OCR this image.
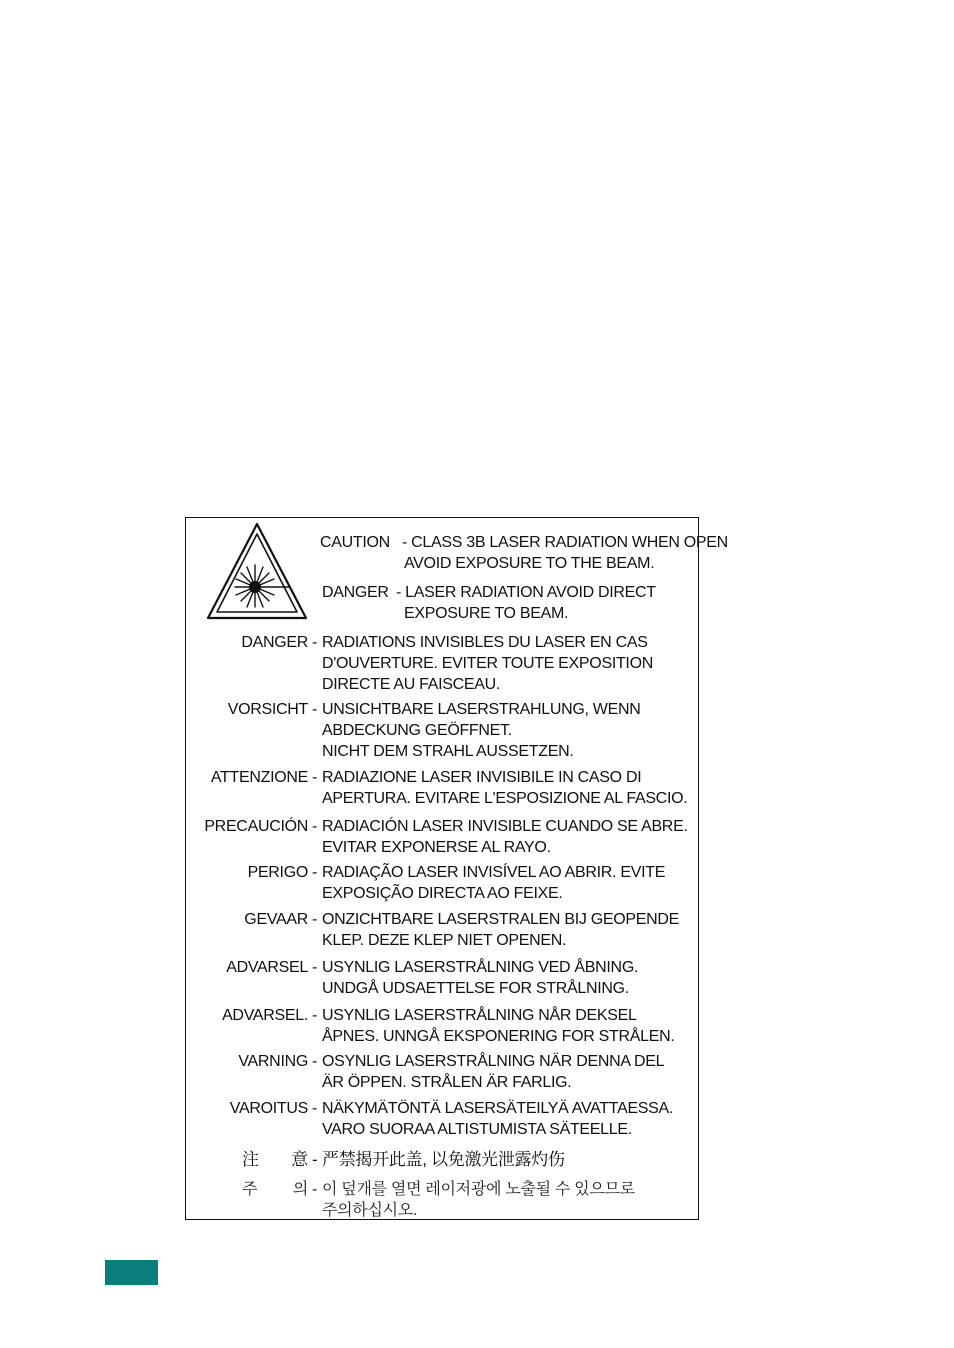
CAUTION - CLASS 3B LASER RADIATION WHEN OPEN
AVOID EXPOSURE TO THE BEAM.
DANGER - LASER RADIATION AVOID DIRECT
EXPOSURE TO BEAM.
DANGER - RADIATIONS INVISIBLES DU LASER EN CAS
D'OUVERTURE. EVITER TOUTE EXPOSITION
DIRECTE AU FAISCEAU.
VORSICHT - UNSICHTBARE LASERSTRAHLUNG, WENN
ABDECKUNG GEÖFFNET.
NICHT DEM STRAHL AUSSETZEN.
ATTENZIONE - RADIAZIONE LASER INVISIBILE IN CASO DI
APERTURA. EVITARE L'ESPOSIZIONE AL FASCIO.
PRECAUCIÓN - RADIACIÓN LASER INVISIBLE CUANDO SE ABRE.
EVITAR EXPONERSE AL RAYO.
PERIGO - RADIAÇÃO LASER INVISÍVEL AO ABRIR. EVITE
EXPOSIÇÃO DIRECTA AO FEIXE.
GEVAAR - ONZICHTBARE LASERSTRALEN BIJ GEOPENDE
KLEP. DEZE KLEP NIET OPENEN.
ADVARSEL - USYNLIG LASERSTRÅLNING VED ÅBNING.
UNDGÅ UDSAETTELSE FOR STRÅLNING.
ADVARSEL. - USYNLIG LASERSTRÅLNING NÅR DEKSEL
ÅPNES. UNNGÅ EKSPONERING FOR STRÅLEN.
VARNING - OSYNLIG LASERSTRÅLNING NÄR DENNA DEL
ÄR ÖPPEN. STRÅLEN ÄR FARLIG.
VAROITUS - NÄKYMÄTÖNTÄ LASERSÄTEILYÄ AVATTAESSA.
VARO SUORAA ALTISTUMISTA SÄTEELLE.
注 意 - 严禁揭开此盖, 以免激光泄露灼伤
주 의 - 이 덮개를 열면 레이저광에 노출될 수 있으므로
주의하십시오.
